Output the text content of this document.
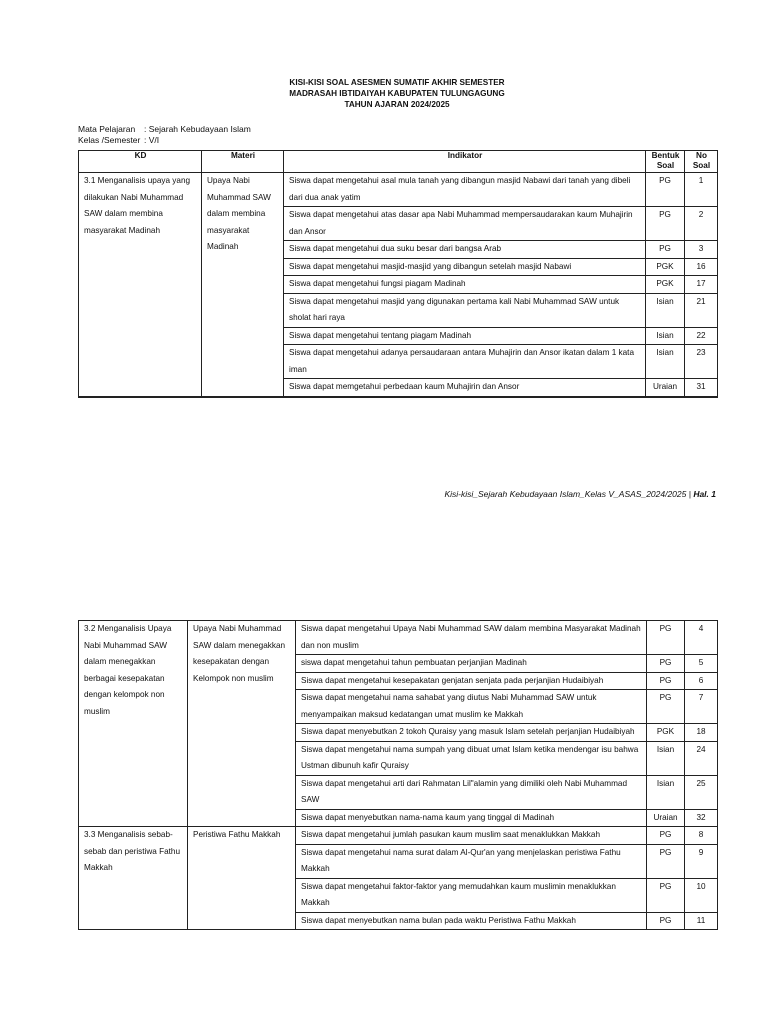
KISI-KISI SOAL ASESMEN SUMATIF AKHIR SEMESTER
MADRASAH IBTIDAIYAH KABUPATEN TULUNGAGUNG
TAHUN AJARAN 2024/2025
Mata Pelajaran : Sejarah Kebudayaan Islam
Kelas /Semester : V/I
KD	Materi	Indikator	Bentuk Soal	No Soal
3.1 Menganalisis upaya yang dilakukan Nabi Muhammad SAW dalam membina masyarakat Madinah	Upaya Nabi Muhammad SAW dalam membina masyarakat Madinah	Siswa dapat mengetahui asal mula tanah yang dibangun masjid Nabawi dari tanah yang dibeli dari dua anak yatim	PG	1
		Siswa dapat mengetahui atas dasar apa Nabi Muhammad mempersaudarakan kaum Muhajirin dan Ansor	PG	2
		Siswa dapat mengetahui dua suku besar dari bangsa Arab	PG	3
		Siswa dapat mengetahui masjid-masjid yang dibangun setelah masjid Nabawi	PGK	16
		Siswa dapat mengetahui fungsi piagam Madinah	PGK	17
		Siswa dapat mengetahui masjid yang digunakan pertama kali Nabi Muhammad SAW untuk sholat hari raya	Isian	21
		Siswa dapat mengetahui tentang piagam Madinah	Isian	22
		Siswa dapat mengetahui adanya persaudaraan antara Muhajirin dan Ansor ikatan dalam 1 kata iman	Isian	23
		Siswa dapat memgetahui perbedaan kaum Muhajirin dan Ansor	Uraian	31
Kisi-kisi_Sejarah Kebudayaan Islam_Kelas V_ASAS_2024/2025 | Hal. 1
3.2 Menganalisis Upaya Nabi Muhammad SAW dalam menegakkan berbagai kesepakatan dengan kelompok non muslim	Upaya Nabi Muhammad SAW dalam menegakkan kesepakatan dengan Kelompok non muslim	Siswa dapat mengetahui Upaya Nabi Muhammad SAW dalam membina Masyarakat Madinah dan non muslim	PG	4
		siswa dapat mengetahui tahun pembuatan perjanjian Madinah	PG	5
		Siswa dapat mengetahui kesepakatan genjatan senjata pada perjanjian Hudaibiyah	PG	6
		Siswa dapat mengetahui nama sahabat yang diutus Nabi Muhammad SAW untuk menyampaikan maksud kedatangan umat muslim ke Makkah	PG	7
		Siswa dapat menyebutkan 2 tokoh Quraisy yang masuk Islam setelah perjanjian Hudaibiyah	PGK	18
		Siswa dapat mengetahui nama sumpah yang dibuat umat Islam ketika mendengar isu bahwa Ustman dibunuh kafir Quraisy	Isian	24
		Siswa dapat mengetahui arti dari Rahmatan Lil"alamin yang dimiliki oleh Nabi Muhammad SAW	Isian	25
		Siswa dapat menyebutkan nama-nama kaum yang tinggal di Madinah	Uraian	32
3.3 Menganalisis sebab-sebab dan peristiwa Fathu Makkah	Peristiwa Fathu Makkah	Siswa dapat mengetahui jumlah pasukan kaum muslim saat menaklukkan Makkah	PG	8
		Siswa dapat mengetahui nama surat dalam Al-Qur'an yang menjelaskan peristiwa Fathu Makkah	PG	9
		Siswa dapat mengetahui faktor-faktor yang memudahkan kaum muslimin menaklukkan Makkah	PG	10
		Siswa dapat menyebutkan nama bulan pada waktu Peristiwa Fathu Makkah	PG	11
